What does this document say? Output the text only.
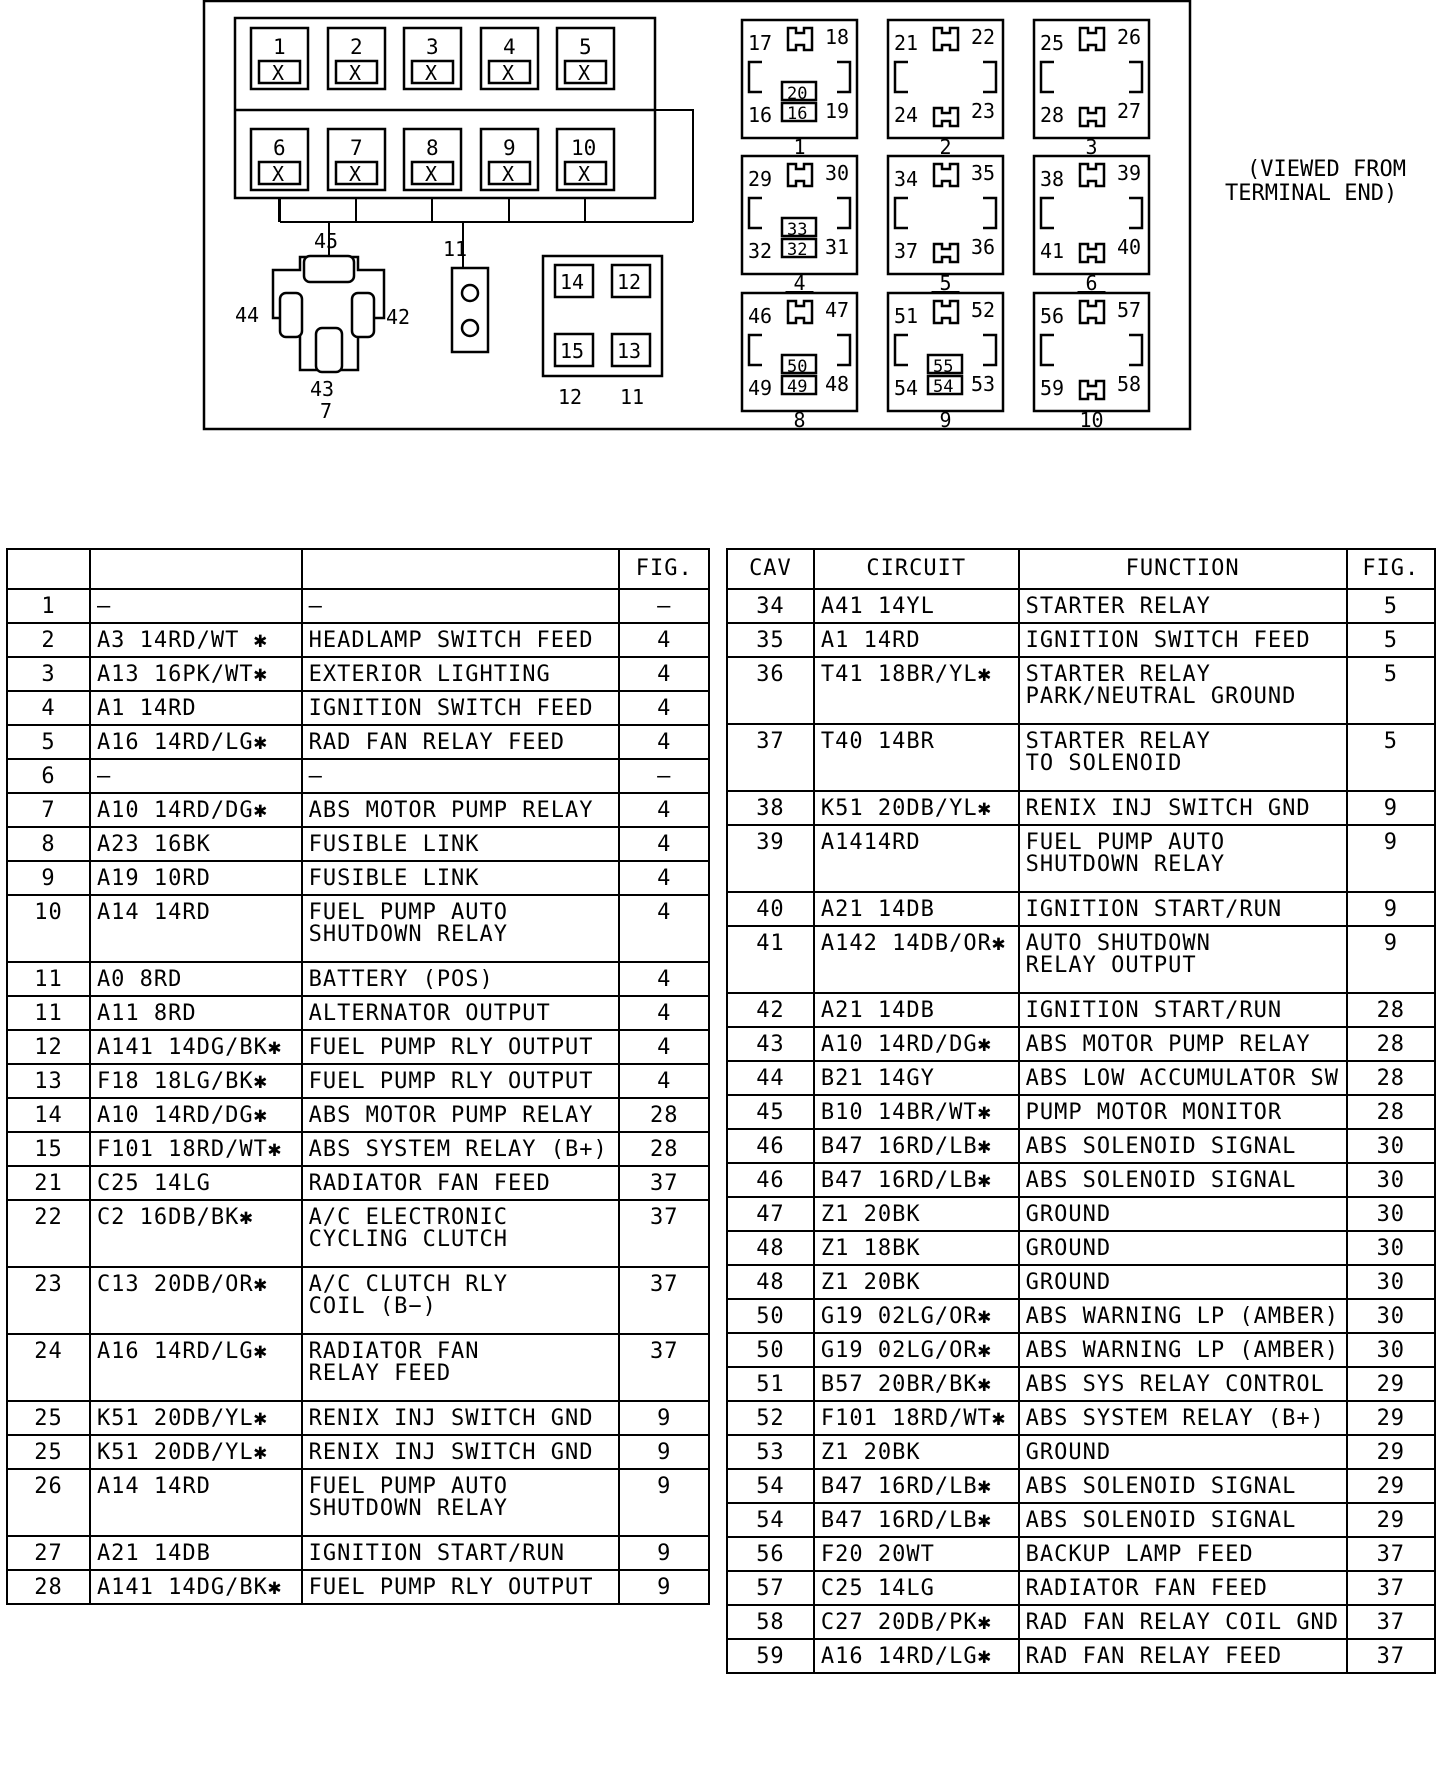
1
X
2
X
3
X
4
X
5
X
6
X
7
X
8
X
9
X
10
X
45
44	42
43
7
11
14 12
15 13
12 11
17	18
16	19
20
16
1
21	22
24	23
2
25	26
28	27
3
29	30
32	31
33
32
4
34	35
37	36
5
38	39
41	40
6
46	47
49	48
50
49
8
51	52
54	53
55
54
9
56	57
59	58
10
(VIEWED FROM
TERMINAL END)
			FIG.
1	—	—	—
2	A3 14RD/WT ✱	HEADLAMP SWITCH FEED	4
3	A13 16PK/WT✱	EXTERIOR LIGHTING	4
4	A1 14RD	IGNITION SWITCH FEED	4
5	A16 14RD/LG✱	RAD FAN RELAY FEED	4
6	—	—	—
7	A10 14RD/DG✱	ABS MOTOR PUMP RELAY	4
8	A23 16BK	FUSIBLE LINK	4
9	A19 10RD	FUSIBLE LINK	4
10	A14 14RD	FUEL PUMP AUTO
SHUTDOWN RELAY	4
11	A0 8RD	BATTERY (POS)	4
11	A11 8RD	ALTERNATOR OUTPUT	4
12	A141 14DG/BK✱	FUEL PUMP RLY OUTPUT	4
13	F18 18LG/BK✱	FUEL PUMP RLY OUTPUT	4
14	A10 14RD/DG✱	ABS MOTOR PUMP RELAY	28
15	F101 18RD/WT✱	ABS SYSTEM RELAY (B+)	28
21	C25 14LG	RADIATOR FAN FEED	37
22	C2 16DB/BK✱	A/C ELECTRONIC
CYCLING CLUTCH	37
23	C13 20DB/OR✱	A/C CLUTCH RLY
COIL (B−)	37
24	A16 14RD/LG✱	RADIATOR FAN
RELAY FEED	37
25	K51 20DB/YL✱	RENIX INJ SWITCH GND	9
25	K51 20DB/YL✱	RENIX INJ SWITCH GND	9
26	A14 14RD	FUEL PUMP AUTO
SHUTDOWN RELAY	9
27	A21 14DB	IGNITION START/RUN	9
28	A141 14DG/BK✱	FUEL PUMP RLY OUTPUT	9
CAV	CIRCUIT	FUNCTION	FIG.
34	A41 14YL	STARTER RELAY	5
35	A1 14RD	IGNITION SWITCH FEED	5
36	T41 18BR/YL✱	STARTER RELAY
PARK/NEUTRAL GROUND	5
37	T40 14BR	STARTER RELAY
TO SOLENOID	5
38	K51 20DB/YL✱	RENIX INJ SWITCH GND	9
39	A1414RD	FUEL PUMP AUTO
SHUTDOWN RELAY	9
40	A21 14DB	IGNITION START/RUN	9
41	A142 14DB/OR✱	AUTO SHUTDOWN
RELAY OUTPUT	9
42	A21 14DB	IGNITION START/RUN	28
43	A10 14RD/DG✱	ABS MOTOR PUMP RELAY	28
44	B21 14GY	ABS LOW ACCUMULATOR SW	28
45	B10 14BR/WT✱	PUMP MOTOR MONITOR	28
46	B47 16RD/LB✱	ABS SOLENOID SIGNAL	30
46	B47 16RD/LB✱	ABS SOLENOID SIGNAL	30
47	Z1 20BK	GROUND	30
48	Z1 18BK	GROUND	30
48	Z1 20BK	GROUND	30
50	G19 02LG/OR✱	ABS WARNING LP (AMBER)	30
50	G19 02LG/OR✱	ABS WARNING LP (AMBER)	30
51	B57 20BR/BK✱	ABS SYS RELAY CONTROL	29
52	F101 18RD/WT✱	ABS SYSTEM RELAY (B+)	29
53	Z1 20BK	GROUND	29
54	B47 16RD/LB✱	ABS SOLENOID SIGNAL	29
54	B47 16RD/LB✱	ABS SOLENOID SIGNAL	29
56	F20 20WT	BACKUP LAMP FEED	37
57	C25 14LG	RADIATOR FAN FEED	37
58	C27 20DB/PK✱	RAD FAN RELAY COIL GND	37
59	A16 14RD/LG✱	RAD FAN RELAY FEED	37
